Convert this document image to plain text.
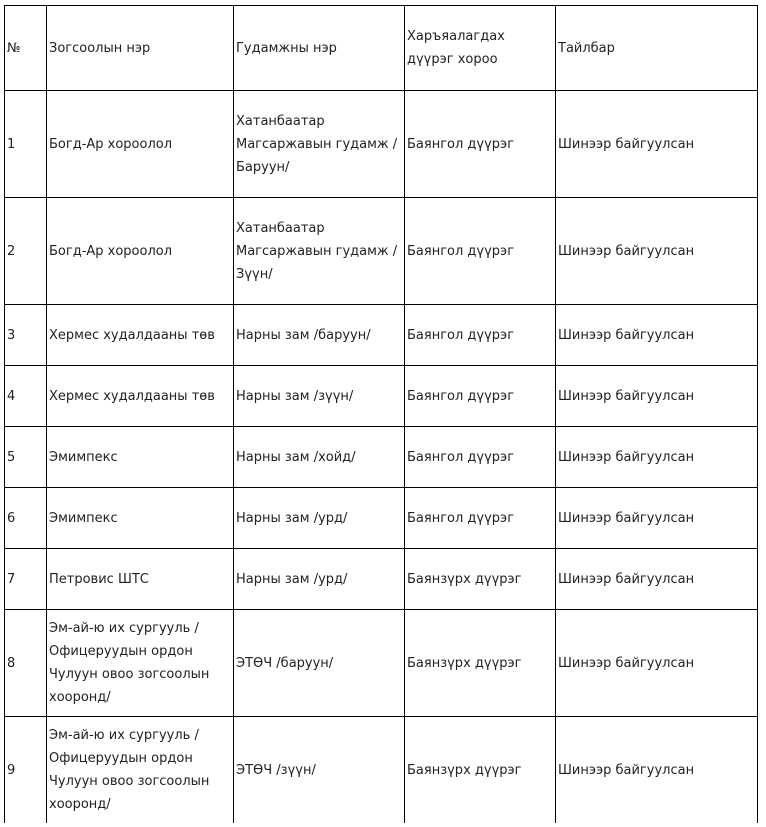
№	Зогсоолын нэр	Гудамжны нэр	Харъяалагдах дүүрэг хороо	Тайлбар
1	Богд-Ар хороолол	Хатанбаатар Магсаржавын гудамж /Баруун/	Баянгол дүүрэг	Шинээр байгуулсан
2	Богд-Ар хороолол	Хатанбаатар Магсаржавын гудамж /Зүүн/	Баянгол дүүрэг	Шинээр байгуулсан
3	Хермес худалдааны төв	Нарны зам /баруун/	Баянгол дүүрэг	Шинээр байгуулсан
4	Хермес худалдааны төв	Нарны зам /зүүн/	Баянгол дүүрэг	Шинээр байгуулсан
5	Эмимпекс	Нарны зам /хойд/	Баянгол дүүрэг	Шинээр байгуулсан
6	Эмимпекс	Нарны зам /урд/	Баянгол дүүрэг	Шинээр байгуулсан
7	Петровис ШТС	Нарны зам /урд/	Баянзүрх дүүрэг	Шинээр байгуулсан
8	Эм-ай-ю их сургууль / Офицеруудын ордон Чулуун овоо зогсоолын хооронд/	ЭТӨЧ /баруун/	Баянзүрх дүүрэг	Шинээр байгуулсан
9	Эм-ай-ю их сургууль / Офицеруудын ордон Чулуун овоо зогсоолын хооронд/	ЭТӨЧ /зүүн/	Баянзүрх дүүрэг	Шинээр байгуулсан
